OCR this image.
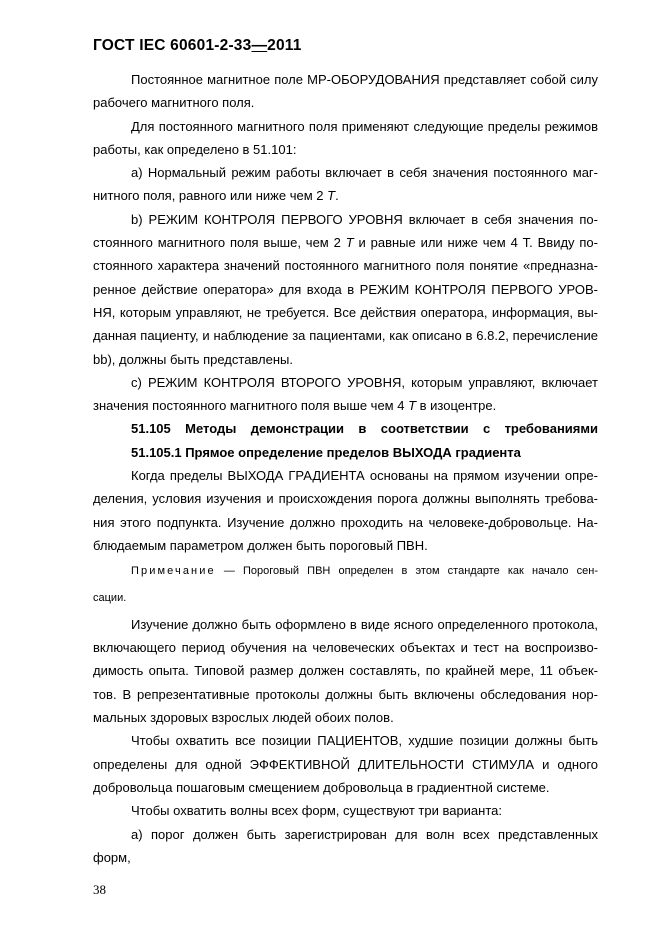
ГОСТ IEC 60601-2-33—2011

Постоянное магнитное поле МР-ОБОРУДОВАНИЯ представляет собой силу

рабочего магнитного поля.

Для постоянного магнитного поля применяют следующие пределы режимов

работы, как определено в 51.101:

a) Нормальный режим работы включает в себя значения постоянного маг-

нитного поля, равного или ниже чем 2 T.

b) РЕЖИМ КОНТРОЛЯ ПЕРВОГО УРОВНЯ включает в себя значения по-

стоянного магнитного поля выше, чем 2 T и равные или ниже чем 4 T. Ввиду по-

стоянного характера значений постоянного магнитного поля понятие «предназна-

ренное действие оператора» для входа в РЕЖИМ КОНТРОЛЯ ПЕРВОГО УРОВ-

НЯ, которым управляют, не требуется. Все действия оператора, информация, вы-

данная пациенту, и наблюдение за пациентами, как описано в 6.8.2, перечисление

bb), должны быть представлены.

c) РЕЖИМ КОНТРОЛЯ ВТОРОГО УРОВНЯ, которым управляют, включает

значения постоянного магнитного поля выше чем 4 T в изоцентре.

51.105 Методы демонстрации в соответствии с требованиями

51.105.1 Прямое определение пределов ВЫХОДА градиента

Когда пределы ВЫХОДА ГРАДИЕНТА основаны на прямом изучении опре-

деления, условия изучения и происхождения порога должны выполнять требова-

ния этого подпункта. Изучение должно проходить на человеке-добровольце. На-

блюдаемым параметром должен быть пороговый ПВН.

Примечание — Пороговый ПВН определен в этом стандарте как начало сен-

сации.

Изучение должно быть оформлено в виде ясного определенного протокола,

включающего период обучения на человеческих объектах и тест на воспроизво-

димость опыта. Типовой размер должен составлять, по крайней мере, 11 объек-

тов. В репрезентативные протоколы должны быть включены обследования нор-

мальных здоровых взрослых людей обоих полов.

Чтобы охватить все позиции ПАЦИЕНТОВ, худшие позиции должны быть

определены для одной ЭФФЕКТИВНОЙ ДЛИТЕЛЬНОСТИ СТИМУЛА и одного

добровольца пошаговым смещением добровольца в градиентной системе.

Чтобы охватить волны всех форм, существуют три варианта:

a) порог должен быть зарегистрирован для волн всех представленных

форм,

38
